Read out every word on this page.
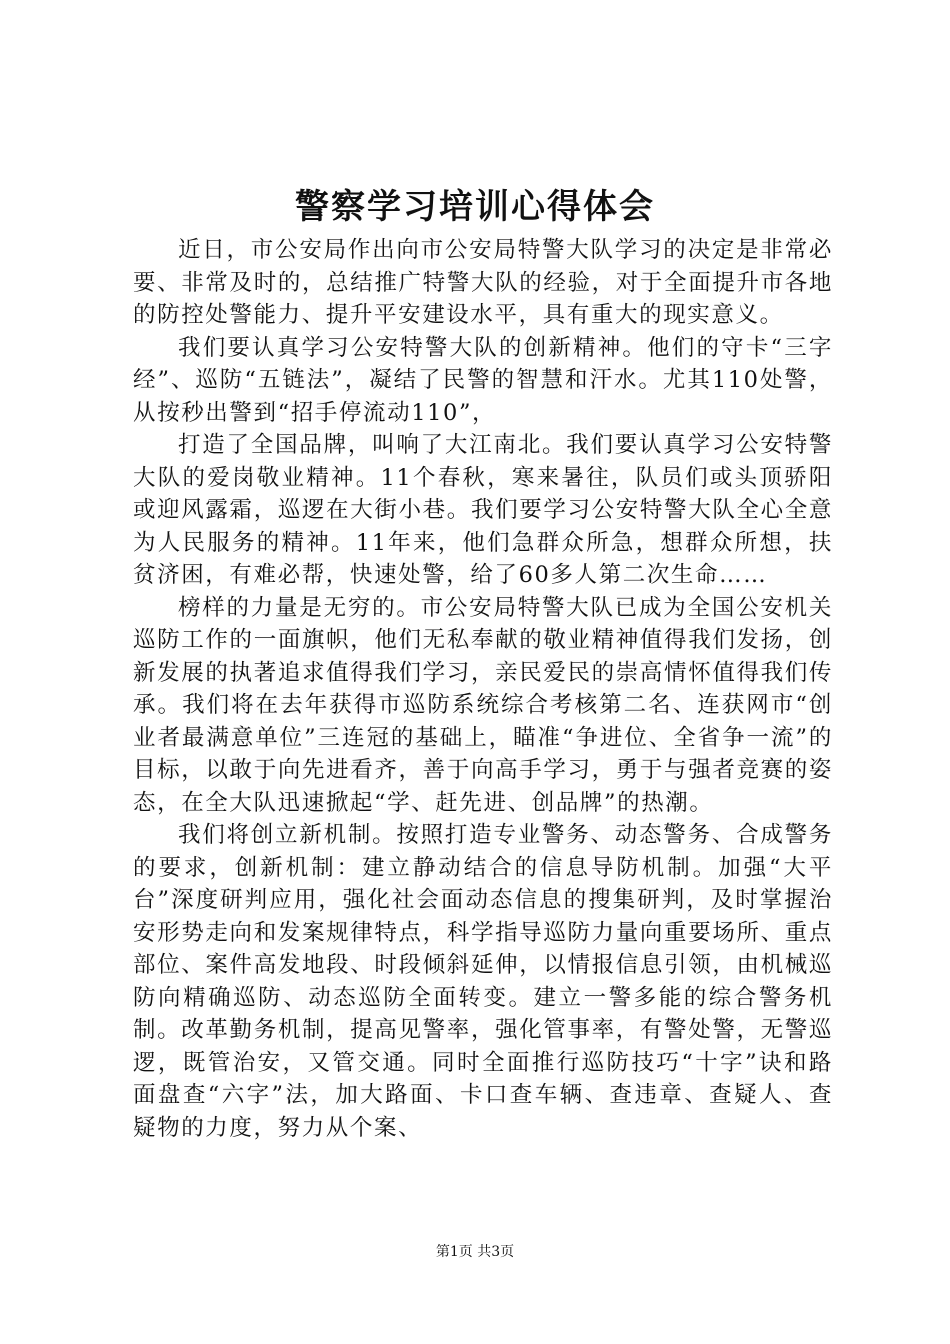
警察学习培训心得体会

近日，市公安局作出向市公安局特警大队学习的决定是非常必要、非常及时的，总结推广特警大队的经验，对于全面提升市各地的防控处警能力、提升平安建设水平，具有重大的现实意义。

我们要认真学习公安特警大队的创新精神。他们的守卡“三字经”、巡防“五链法”，凝结了民警的智慧和汗水。尤其110处警，从按秒出警到“招手停流动110”，

打造了全国品牌，叫响了大江南北。我们要认真学习公安特警大队的爱岗敬业精神。11个春秋，寒来暑往，队员们或头顶骄阳或迎风露霜，巡逻在大街小巷。我们要学习公安特警大队全心全意为人民服务的精神。11年来，他们急群众所急，想群众所想，扶贫济困，有难必帮，快速处警，给了60多人第二次生命……

榜样的力量是无穷的。市公安局特警大队已成为全国公安机关巡防工作的一面旗帜，他们无私奉献的敬业精神值得我们发扬，创新发展的执著追求值得我们学习，亲民爱民的崇高情怀值得我们传承。我们将在去年获得市巡防系统综合考核第二名、连获网市“创业者最满意单位”三连冠的基础上，瞄准“争进位、全省争一流”的目标，以敢于向先进看齐，善于向高手学习，勇于与强者竞赛的姿态，在全大队迅速掀起“学、赶先进、创品牌”的热潮。

我们将创立新机制。按照打造专业警务、动态警务、合成警务的要求，创新机制：建立静动结合的信息导防机制。加强“大平台”深度研判应用，强化社会面动态信息的搜集研判，及时掌握治安形势走向和发案规律特点，科学指导巡防力量向重要场所、重点部位、案件高发地段、时段倾斜延伸，以情报信息引领，由机械巡防向精确巡防、动态巡防全面转变。建立一警多能的综合警务机制。改革勤务机制，提高见警率，强化管事率，有警处警，无警巡逻，既管治安，又管交通。同时全面推行巡防技巧“十字”诀和路面盘查“六字”法，加大路面、卡口查车辆、查违章、查疑人、查疑物的力度，努力从个案、

第1页 共3页
